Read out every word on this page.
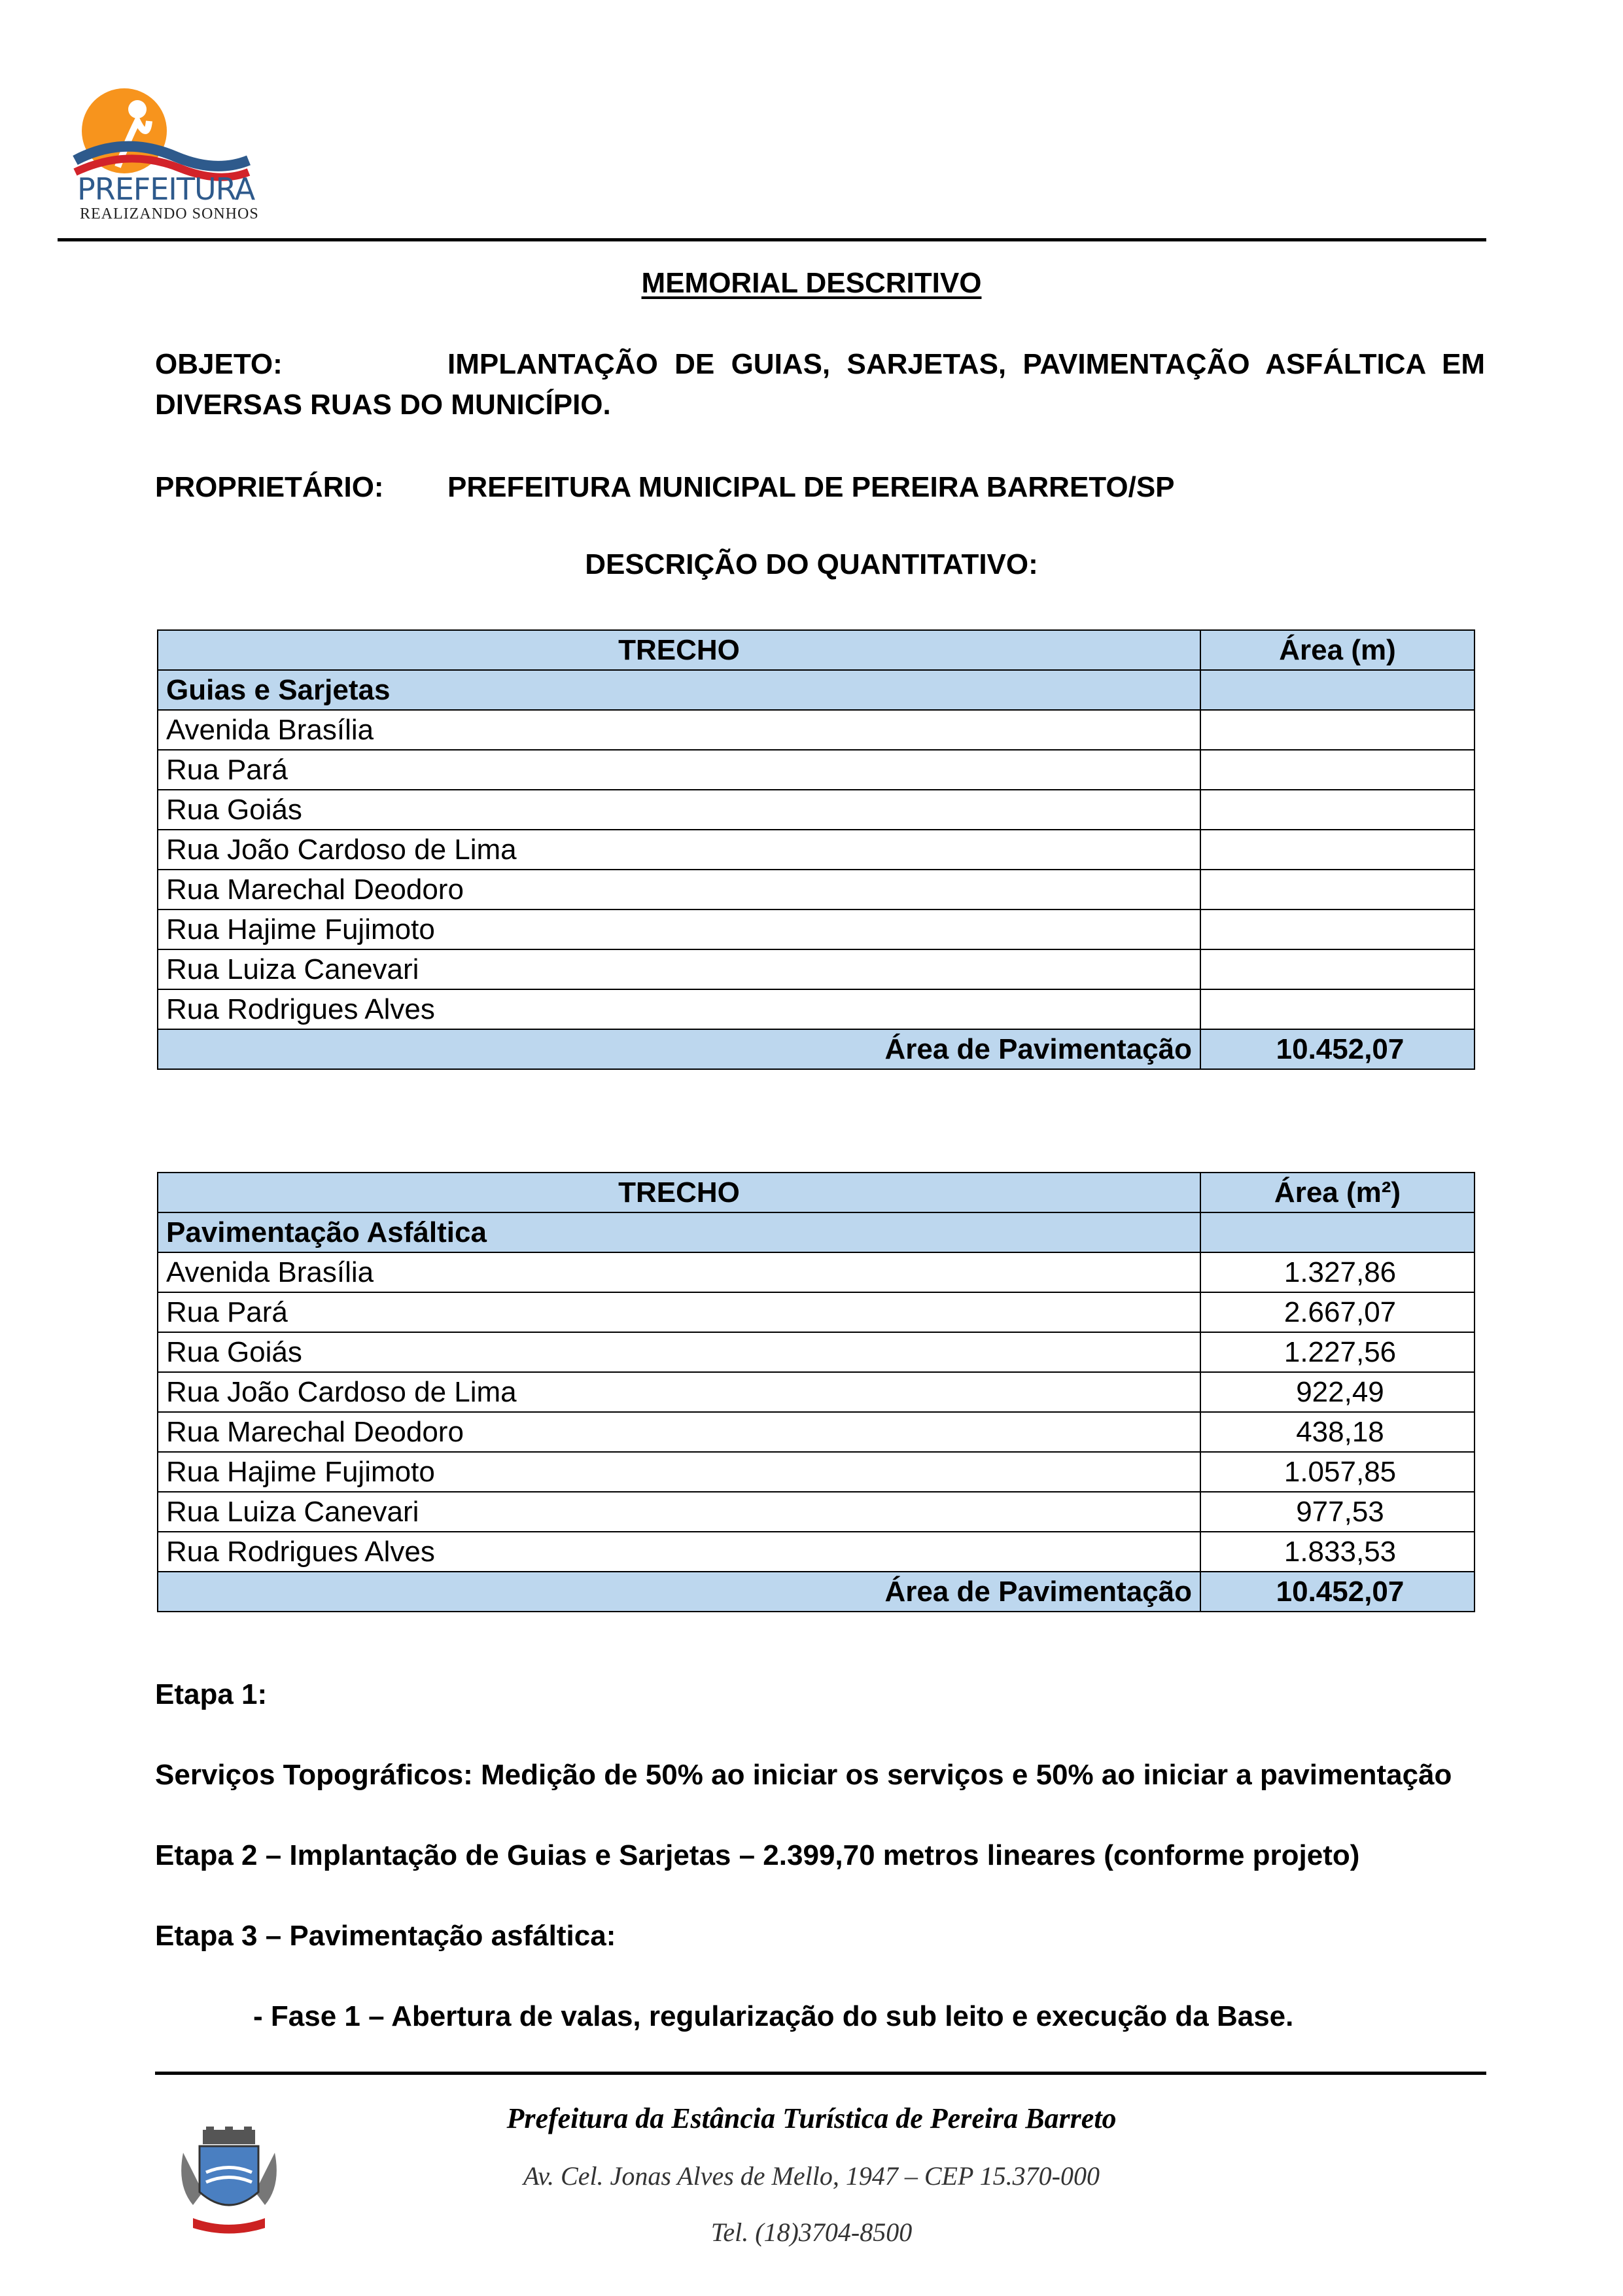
PREFEITURA
REALIZANDO SONHOS
MEMORIAL DESCRITIVO
OBJETO:	IMPLANTAÇÃO DE GUIAS, SARJETAS, PAVIMENTAÇÃO ASFÁLTICA EM
DIVERSAS RUAS DO MUNICÍPIO.
PROPRIETÁRIO:	PREFEITURA MUNICIPAL DE PEREIRA BARRETO/SP
DESCRIÇÃO DO QUANTITATIVO:
TRECHO	Área (m)
Guias e Sarjetas	
Avenida Brasília	
Rua Pará	
Rua Goiás	
Rua João Cardoso de Lima	
Rua Marechal Deodoro	
Rua Hajime Fujimoto	
Rua Luiza Canevari	
Rua Rodrigues Alves	
Área de Pavimentação	10.452,07
TRECHO	Área (m²)
Pavimentação Asfáltica	
Avenida Brasília	1.327,86
Rua Pará	2.667,07
Rua Goiás	1.227,56
Rua João Cardoso de Lima	922,49
Rua Marechal Deodoro	438,18
Rua Hajime Fujimoto	1.057,85
Rua Luiza Canevari	977,53
Rua Rodrigues Alves	1.833,53
Área de Pavimentação	10.452,07
Etapa 1:
Serviços Topográficos: Medição de 50% ao iniciar os serviços e 50% ao iniciar a pavimentação
Etapa 2 – Implantação de Guias e Sarjetas – 2.399,70 metros lineares (conforme projeto)
Etapa 3 – Pavimentação asfáltica:
- Fase 1 – Abertura de valas, regularização do sub leito e execução da Base.
Prefeitura da Estância Turística de Pereira Barreto
Av. Cel. Jonas Alves de Mello, 1947 – CEP 15.370-000
Tel. (18)3704-8500
